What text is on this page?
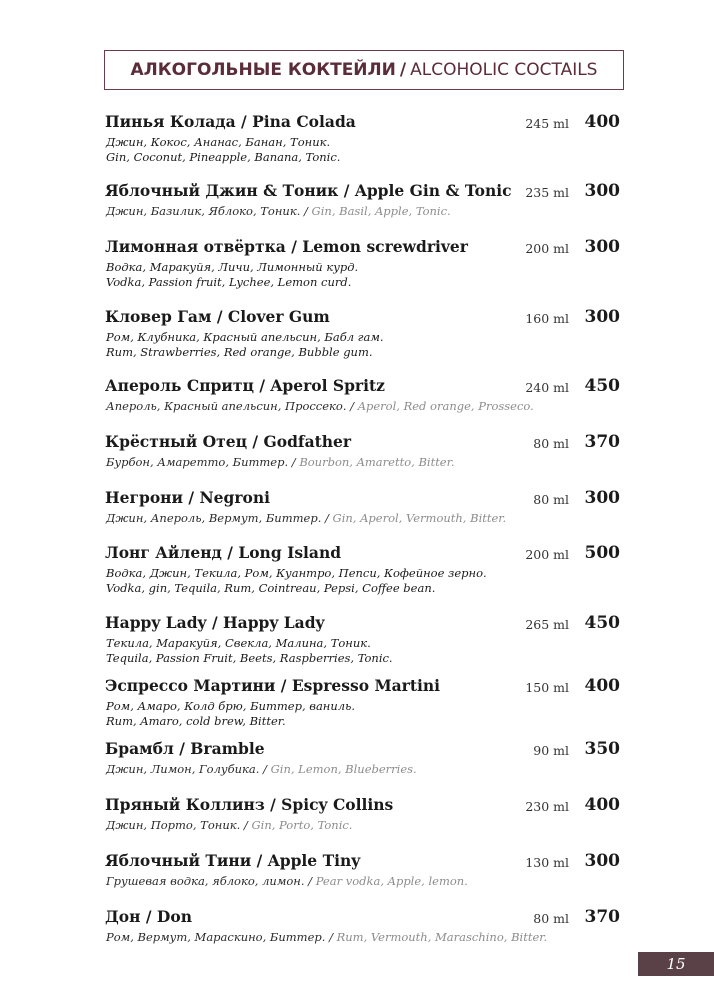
АЛКОГОЛЬНЫЕ КОКТЕЙЛИ / ALCOHOLIC COCTAILS
Пинья Колада / Pina Colada	245 ml 400
Джин, Кокос, Ананас, Банан, Тоник.
Gin, Coconut, Pineapple, Banana, Tonic.
Яблочный Джин & Тоник / Apple Gin & Tonic 235 ml 300
Джин, Базилик, Яблоко, Тоник. / Gin, Basil, Apple, Tonic.
Лимонная отвёртка / Lemon screwdriver	200 ml 300
Водка, Маракуйя, Личи, Лимонный курд.
Vodka, Passion fruit, Lychee, Lemon curd.
Кловер Гам / Clover Gum	160 ml 300
Ром, Клубника, Красный апельсин, Бабл гам.
Rum, Strawberries, Red orange, Bubble gum.
Апероль Спритц / Aperol Spritz	240 ml 450
Апероль, Красный апельсин, Проссеко. / Aperol, Red orange, Prosseco.
Крёстный Отец / Godfather	80 ml 370
Бурбон, Амаретто, Биттер. / Bourbon, Amaretto, Bitter.
Негрони / Negroni	80 ml 300
Джин, Апероль, Вермут, Биттер. / Gin, Aperol, Vermouth, Bitter.
Лонг Айленд / Long Island	200 ml 500
Водка, Джин, Текила, Ром, Куантро, Пепси, Кофейное зерно.
Vodka, gin, Tequila, Rum, Cointreau, Pepsi, Coffee bean.
Happy Lady / Happy Lady	265 ml 450
Текила, Маракуйя, Свекла, Малина, Тоник.
Tequila, Passion Fruit, Beets, Raspberries, Tonic.
Эспрессо Мартини / Espresso Martini	150 ml 400
Ром, Амаро, Колд брю, Биттер, ваниль.
Rum, Amaro, cold brew, Bitter.
Брамбл / Bramble	90 ml 350
Джин, Лимон, Голубика. / Gin, Lemon, Blueberries.
Пряный Коллинз / Spicy Collins	230 ml 400
Джин, Порто, Тоник. / Gin, Porto, Tonic.
Яблочный Тини / Apple Tiny	130 ml 300
Грушевая водка, яблоко, лимон. / Pear vodka, Apple, lemon.
Дон / Don	80 ml 370
Ром, Вермут, Мараскино, Биттер. / Rum, Vermouth, Maraschino, Bitter.
15
